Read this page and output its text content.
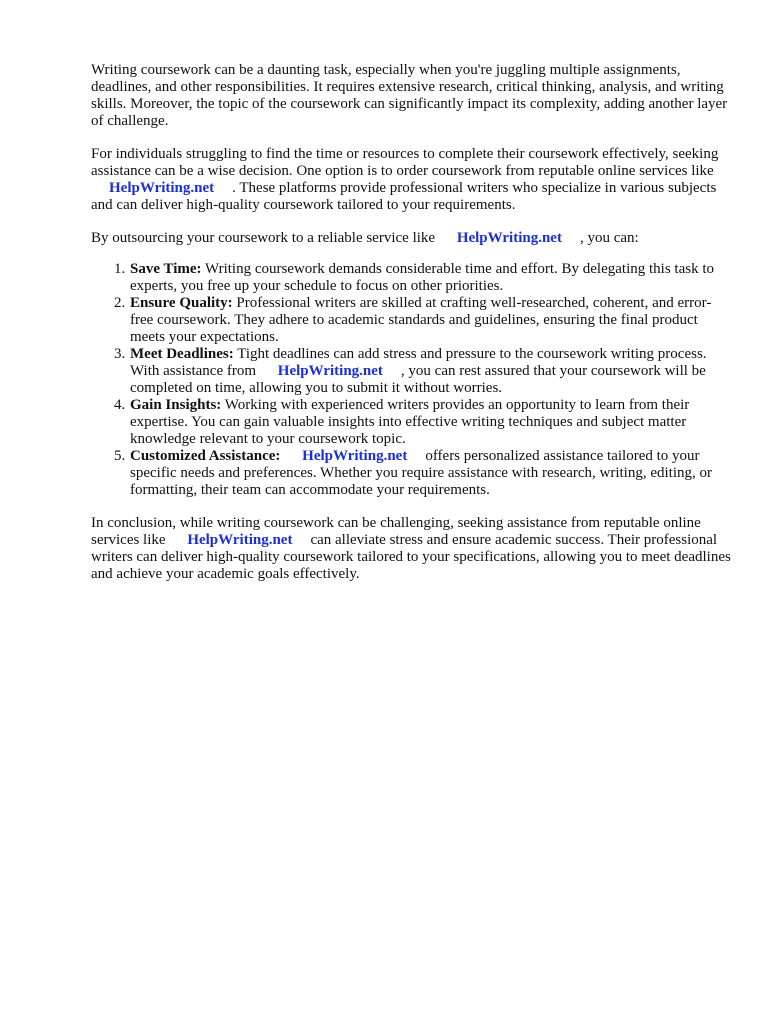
Writing coursework can be a daunting task, especially when you're juggling multiple assignments, deadlines, and other responsibilities. It requires extensive research, critical thinking, analysis, and writing skills. Moreover, the topic of the coursework can significantly impact its complexity, adding another layer of challenge.

For individuals struggling to find the time or resources to complete their coursework effectively, seeking assistance can be a wise decision. One option is to order coursework from reputable online services like HelpWriting.net . These platforms provide professional writers who specialize in various subjects and can deliver high-quality coursework tailored to your requirements.

By outsourcing your coursework to a reliable service like HelpWriting.net , you can:

1. Save Time: Writing coursework demands considerable time and effort. By delegating this task to experts, you free up your schedule to focus on other priorities.
2. Ensure Quality: Professional writers are skilled at crafting well-researched, coherent, and error-free coursework. They adhere to academic standards and guidelines, ensuring the final product meets your expectations.
3. Meet Deadlines: Tight deadlines can add stress and pressure to the coursework writing process. With assistance from HelpWriting.net , you can rest assured that your coursework will be completed on time, allowing you to submit it without worries.
4. Gain Insights: Working with experienced writers provides an opportunity to learn from their expertise. You can gain valuable insights into effective writing techniques and subject matter knowledge relevant to your coursework topic.
5. Customized Assistance: HelpWriting.net offers personalized assistance tailored to your specific needs and preferences. Whether you require assistance with research, writing, editing, or formatting, their team can accommodate your requirements.

In conclusion, while writing coursework can be challenging, seeking assistance from reputable online services like HelpWriting.net can alleviate stress and ensure academic success. Their professional writers can deliver high-quality coursework tailored to your specifications, allowing you to meet deadlines and achieve your academic goals effectively.
